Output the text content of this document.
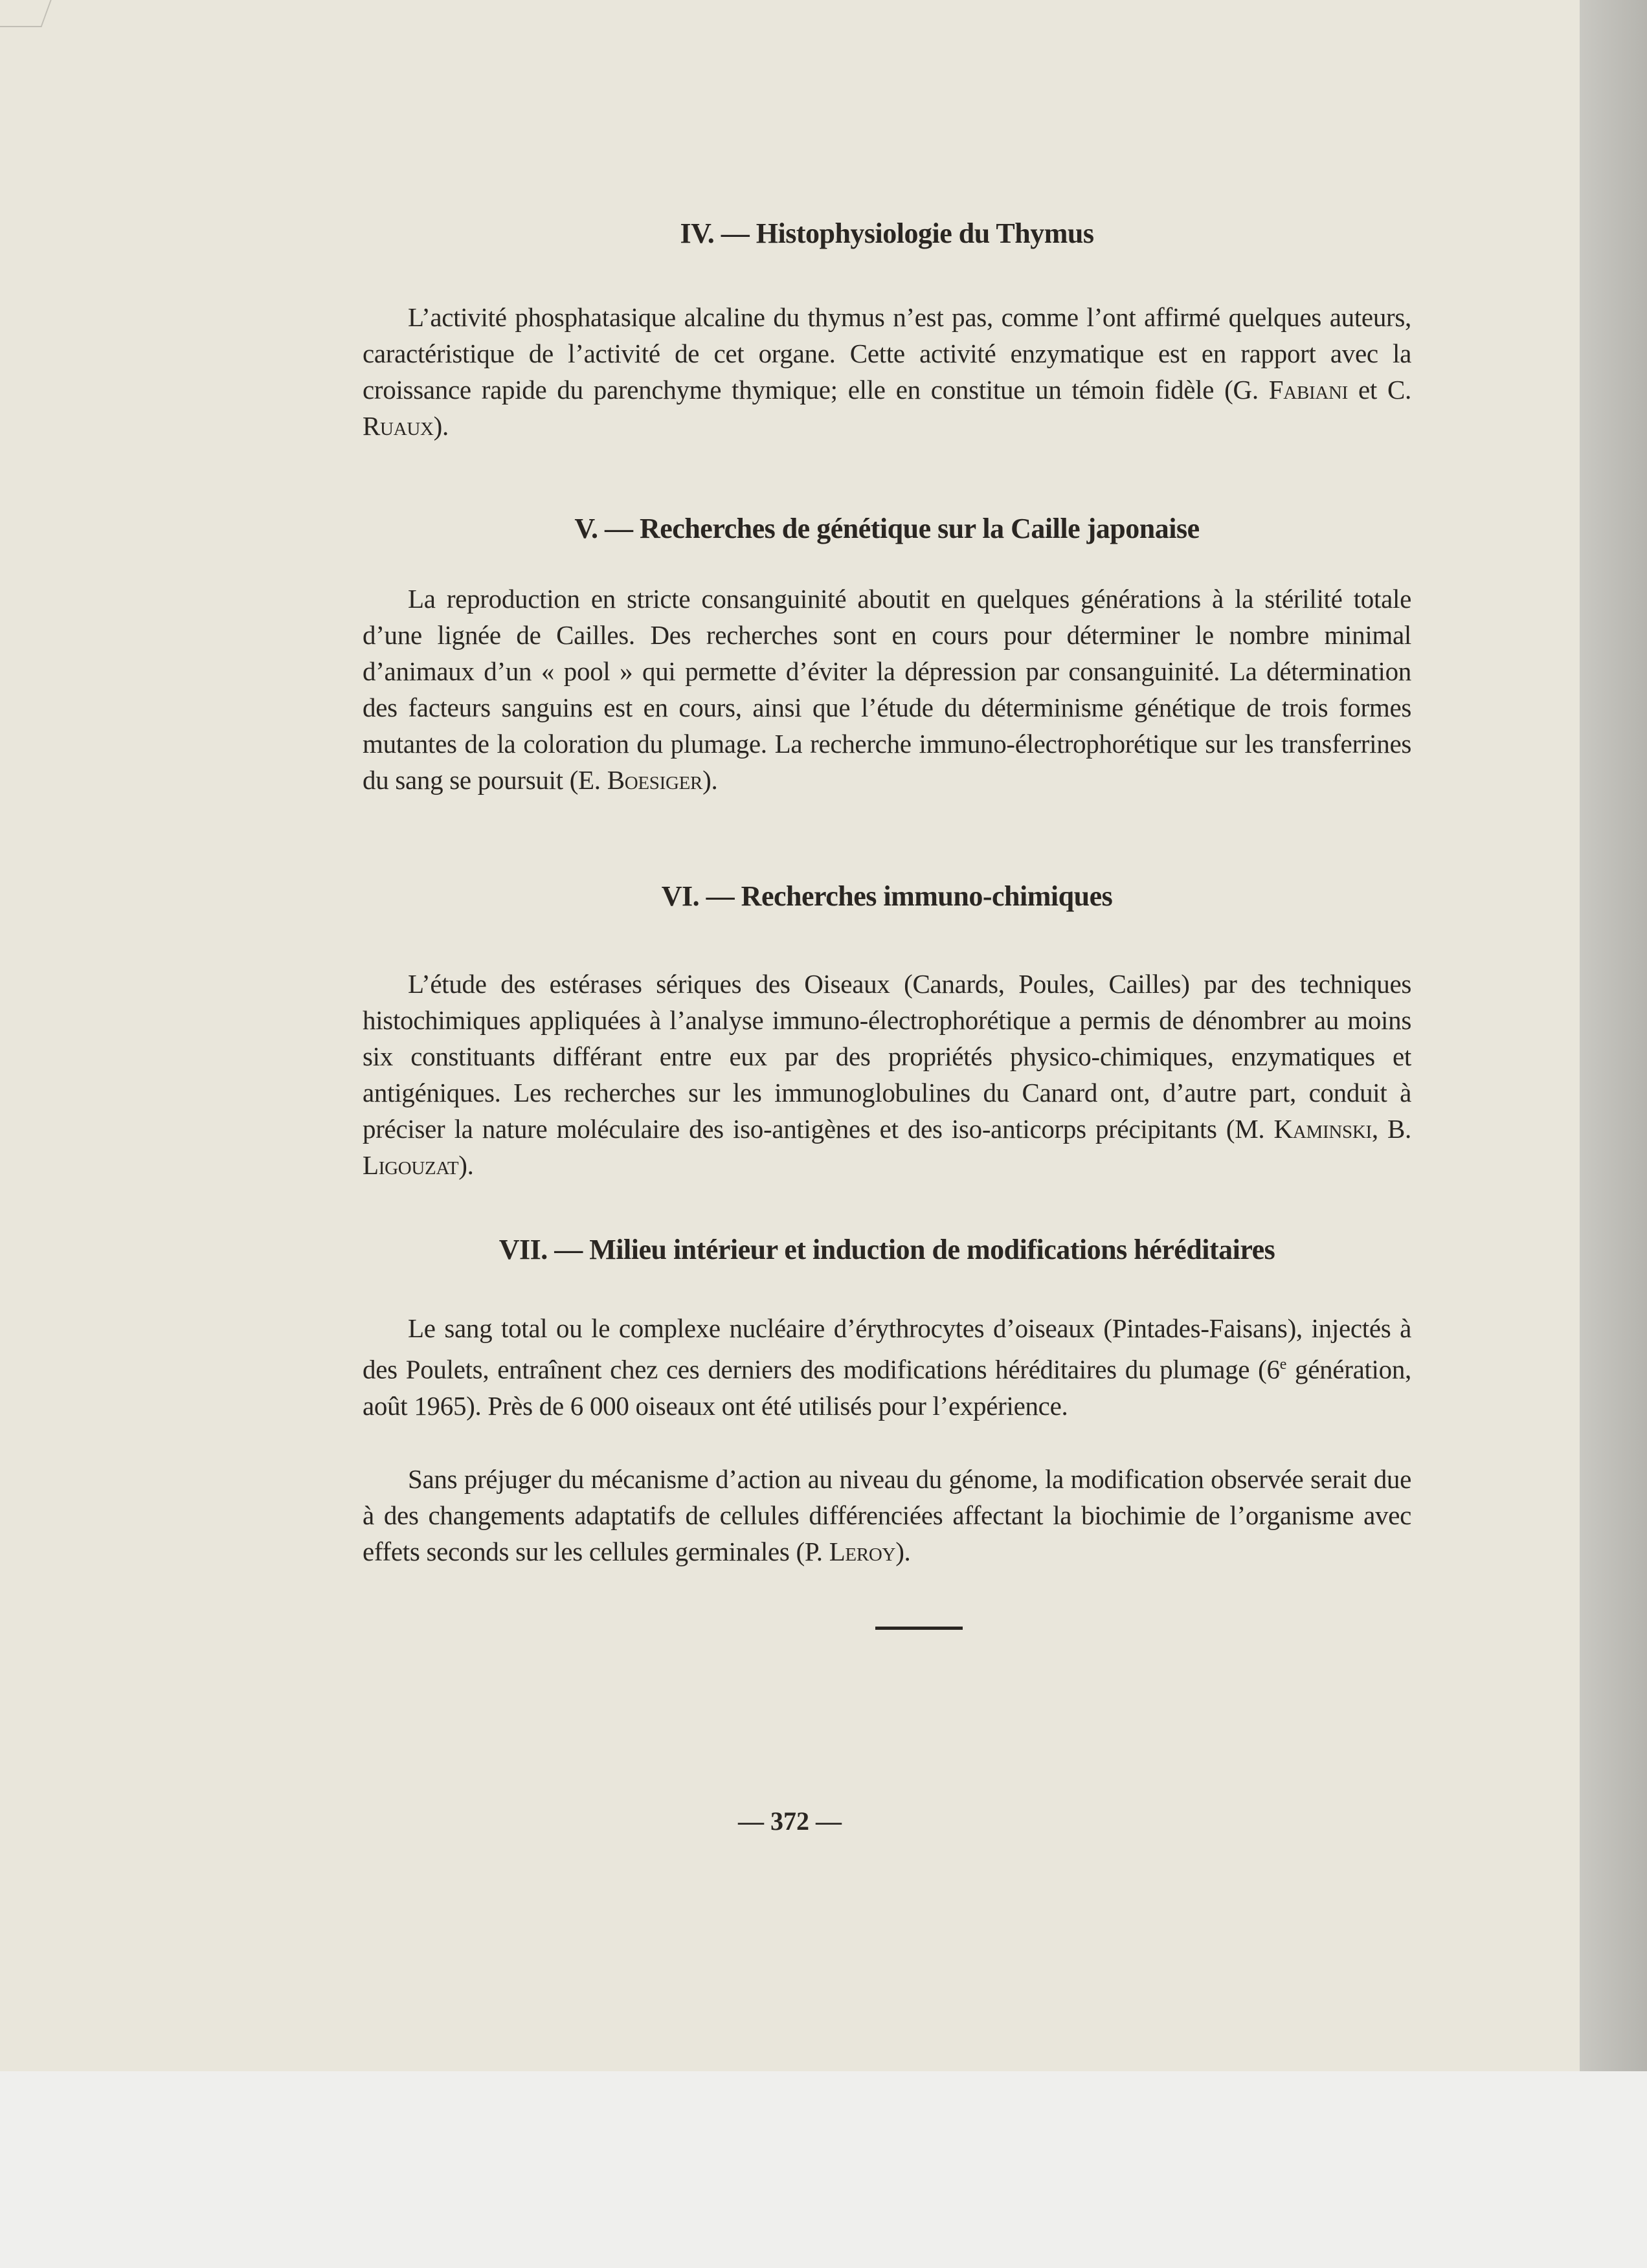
IV. — Histophysiologie du Thymus

L’activité phosphatasique alcaline du thymus n’est pas, comme l’ont affirmé quelques auteurs, caractéristique de l’activité de cet organe. Cette activité enzymatique est en rapport avec la croissance rapide du parenchyme thymique; elle en constitue un témoin fidèle (G. Fabiani et C. Ruaux).

V. — Recherches de génétique sur la Caille japonaise

La reproduction en stricte consanguinité aboutit en quelques générations à la stérilité totale d’une lignée de Cailles. Des recherches sont en cours pour déterminer le nombre minimal d’animaux d’un « pool » qui permette d’éviter la dépression par consanguinité. La détermination des facteurs sanguins est en cours, ainsi que l’étude du déterminisme génétique de trois formes mutantes de la coloration du plumage. La recherche immuno-électrophorétique sur les transferrines du sang se poursuit (E. Boesiger).

VI. — Recherches immuno-chimiques

L’étude des estérases sériques des Oiseaux (Canards, Poules, Cailles) par des techniques histochimiques appliquées à l’analyse immuno-électrophorétique a permis de dénombrer au moins six constituants différant entre eux par des propriétés physico-chimiques, enzymatiques et antigéniques. Les recherches sur les immunoglobulines du Canard ont, d’autre part, conduit à préciser la nature moléculaire des iso-antigènes et des iso-anticorps précipitants (M. Kaminski, B. Ligouzat).

VII. — Milieu intérieur et induction de modifications héréditaires

Le sang total ou le complexe nucléaire d’érythrocytes d’oiseaux (Pintades-Faisans), injectés à des Poulets, entraînent chez ces derniers des modifications héréditaires du plumage (6e génération, août 1965). Près de 6 000 oiseaux ont été utilisés pour l’expérience.

Sans préjuger du mécanisme d’action au niveau du génome, la modification observée serait due à des changements adaptatifs de cellules différenciées affectant la biochimie de l’organisme avec effets seconds sur les cellules germinales (P. Leroy).

— 372 —
